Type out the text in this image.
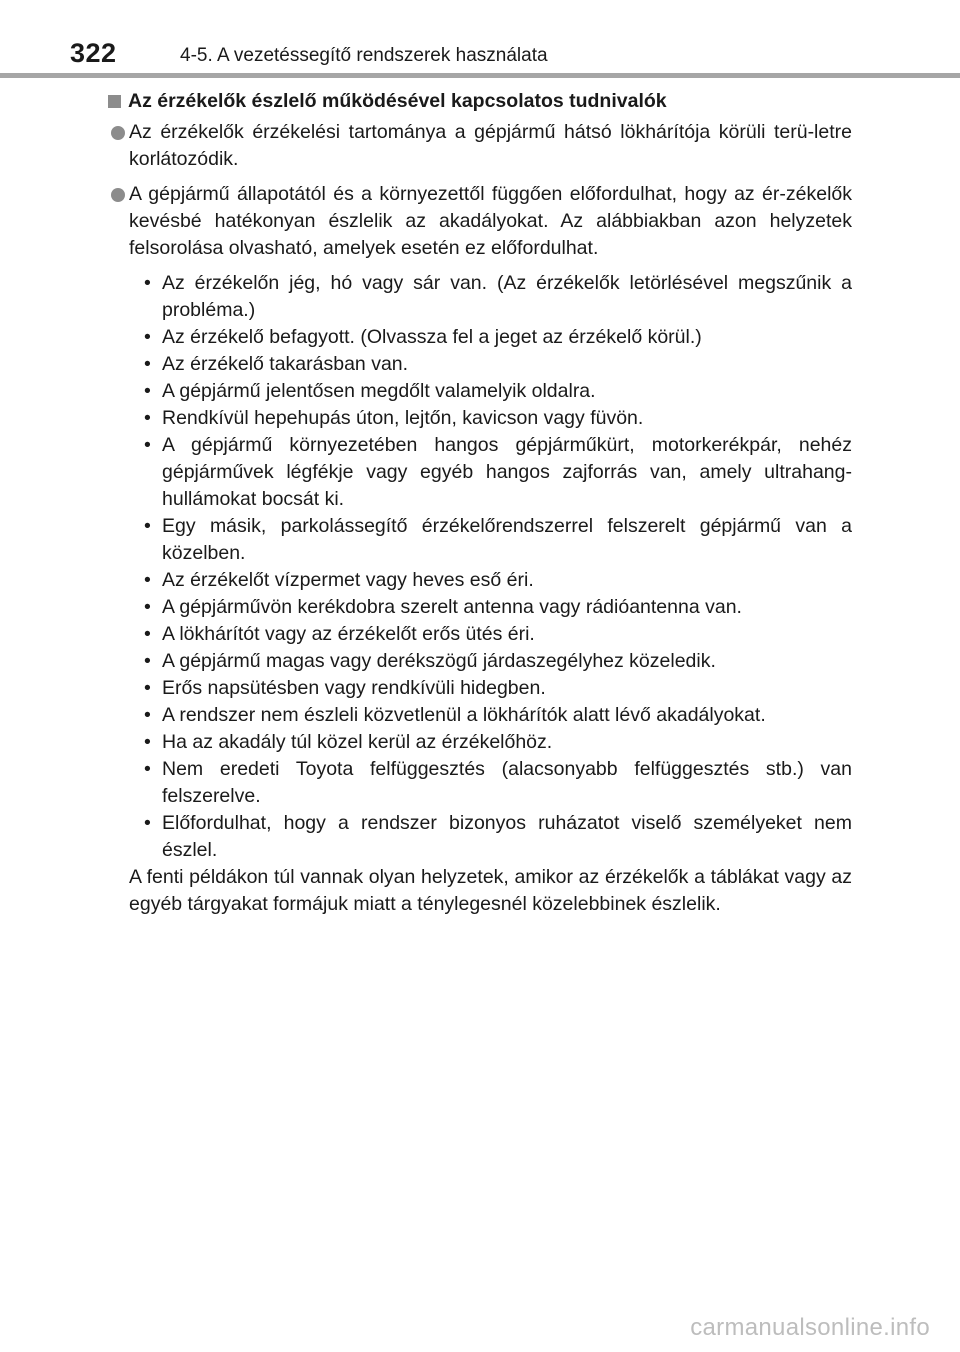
322	4-5. A vezetéssegítő rendszerek használata
Az érzékelők észlelő működésével kapcsolatos tudnivalók
Az érzékelők érzékelési tartománya a gépjármű hátsó lökhárítója körüli terü-letre korlátozódik.
A gépjármű állapotától és a környezettől függően előfordulhat, hogy az ér-zékelők kevésbé hatékonyan észlelik az akadályokat. Az alábbiakban azon helyzetek felsorolása olvasható, amelyek esetén ez előfordulhat.
• Az érzékelőn jég, hó vagy sár van. (Az érzékelők letörlésével megszűnik a probléma.)
• Az érzékelő befagyott. (Olvassza fel a jeget az érzékelő körül.)
• Az érzékelő takarásban van.
• A gépjármű jelentősen megdőlt valamelyik oldalra.
• Rendkívül hepehupás úton, lejtőn, kavicson vagy füvön.
• A gépjármű környezetében hangos gépjárműkürt, motorkerékpár, nehéz gépjárművek légfékje vagy egyéb hangos zajforrás van, amely ultrahang-hullámokat bocsát ki.
• Egy másik, parkolássegítő érzékelőrendszerrel felszerelt gépjármű van a közelben.
• Az érzékelőt vízpermet vagy heves eső éri.
• A gépjárművön kerékdobra szerelt antenna vagy rádióantenna van.
• A lökhárítót vagy az érzékelőt erős ütés éri.
• A gépjármű magas vagy derékszögű járdaszegélyhez közeledik.
• Erős napsütésben vagy rendkívüli hidegben.
• A rendszer nem észleli közvetlenül a lökhárítók alatt lévő akadályokat.
• Ha az akadály túl közel kerül az érzékelőhöz.
• Nem eredeti Toyota felfüggesztés (alacsonyabb felfüggesztés stb.) van felszerelve.
• Előfordulhat, hogy a rendszer bizonyos ruházatot viselő személyeket nem észlel.
A fenti példákon túl vannak olyan helyzetek, amikor az érzékelők a táblákat vagy az egyéb tárgyakat formájuk miatt a ténylegesnél közelebbinek észlelik.
carmanualsonline.info
